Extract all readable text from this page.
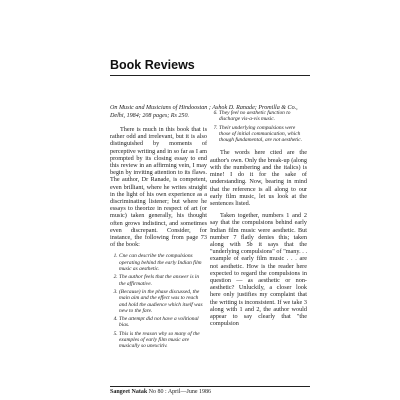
Book Reviews
On Music and Musicians of Hindoostan ; Ashok D. Ranade; Promilla & Co., Delhi, 1984; 208 pages; Rs 250.

There is much in this book that is rather odd and irrelevant, but it is also distinguished by moments of perceptive writing and in so far as I am prompted by its closing essay to end this review in an affirming vein, I may begin by inviting attention to its flaws. The author, Dr Ranade, is competent, even brilliant, where he writes straight in the light of his own experience as a discriminating listener; but where he essays to theorize in respect of art (or music) taken generally, his thought often grows indistinct, and sometimes even discrepant. Consider, for instance, the following from page 73 of the book:

1. Cne can describe the compulsions operating behind the early Indian film music as aesthetic.
2. The author feels that the answer is in the affirmative.
3. (Because) in the phase discussed, the main aim and the effect was to reach and hold the audience which itself was new to the fare.
4. The attempt did not have a volitional bias.
5. This is the reason why so many of the examples of early film music are musically so unexcitiv.
6. They feel no aesthetic function to discharge vis-a-vis music.
7. Their underlying compulsions were those of initial communication, which though fundamental, are not aesthetic.

The words here cited are the author's own. Only the break-up (along with the numbering and the italics) is mine! I do it for the sake of understanding. Now, bearing in mind that the reference is all along to our early film music, let us look at the sentences listed.

Taken together, numbers 1 and 2 say that the compulsions behind early Indian film music were aesthetic. But number 7 flatly denies this; taken along with 5b it says that the "underlying compulsions" of "many. . . example of early film music . . . are not aesthetic. How is the reader here expected to regard the compulsions in question — as aesthetic or non-aesthetic? Unluckily, a closer look here only justifies my complaint that the writing is inconsistent. If we take 3 along with 1 and 2, the author would appear to say clearly that "the compulsion

Sangeet Natak No 80 : April—June 1986
